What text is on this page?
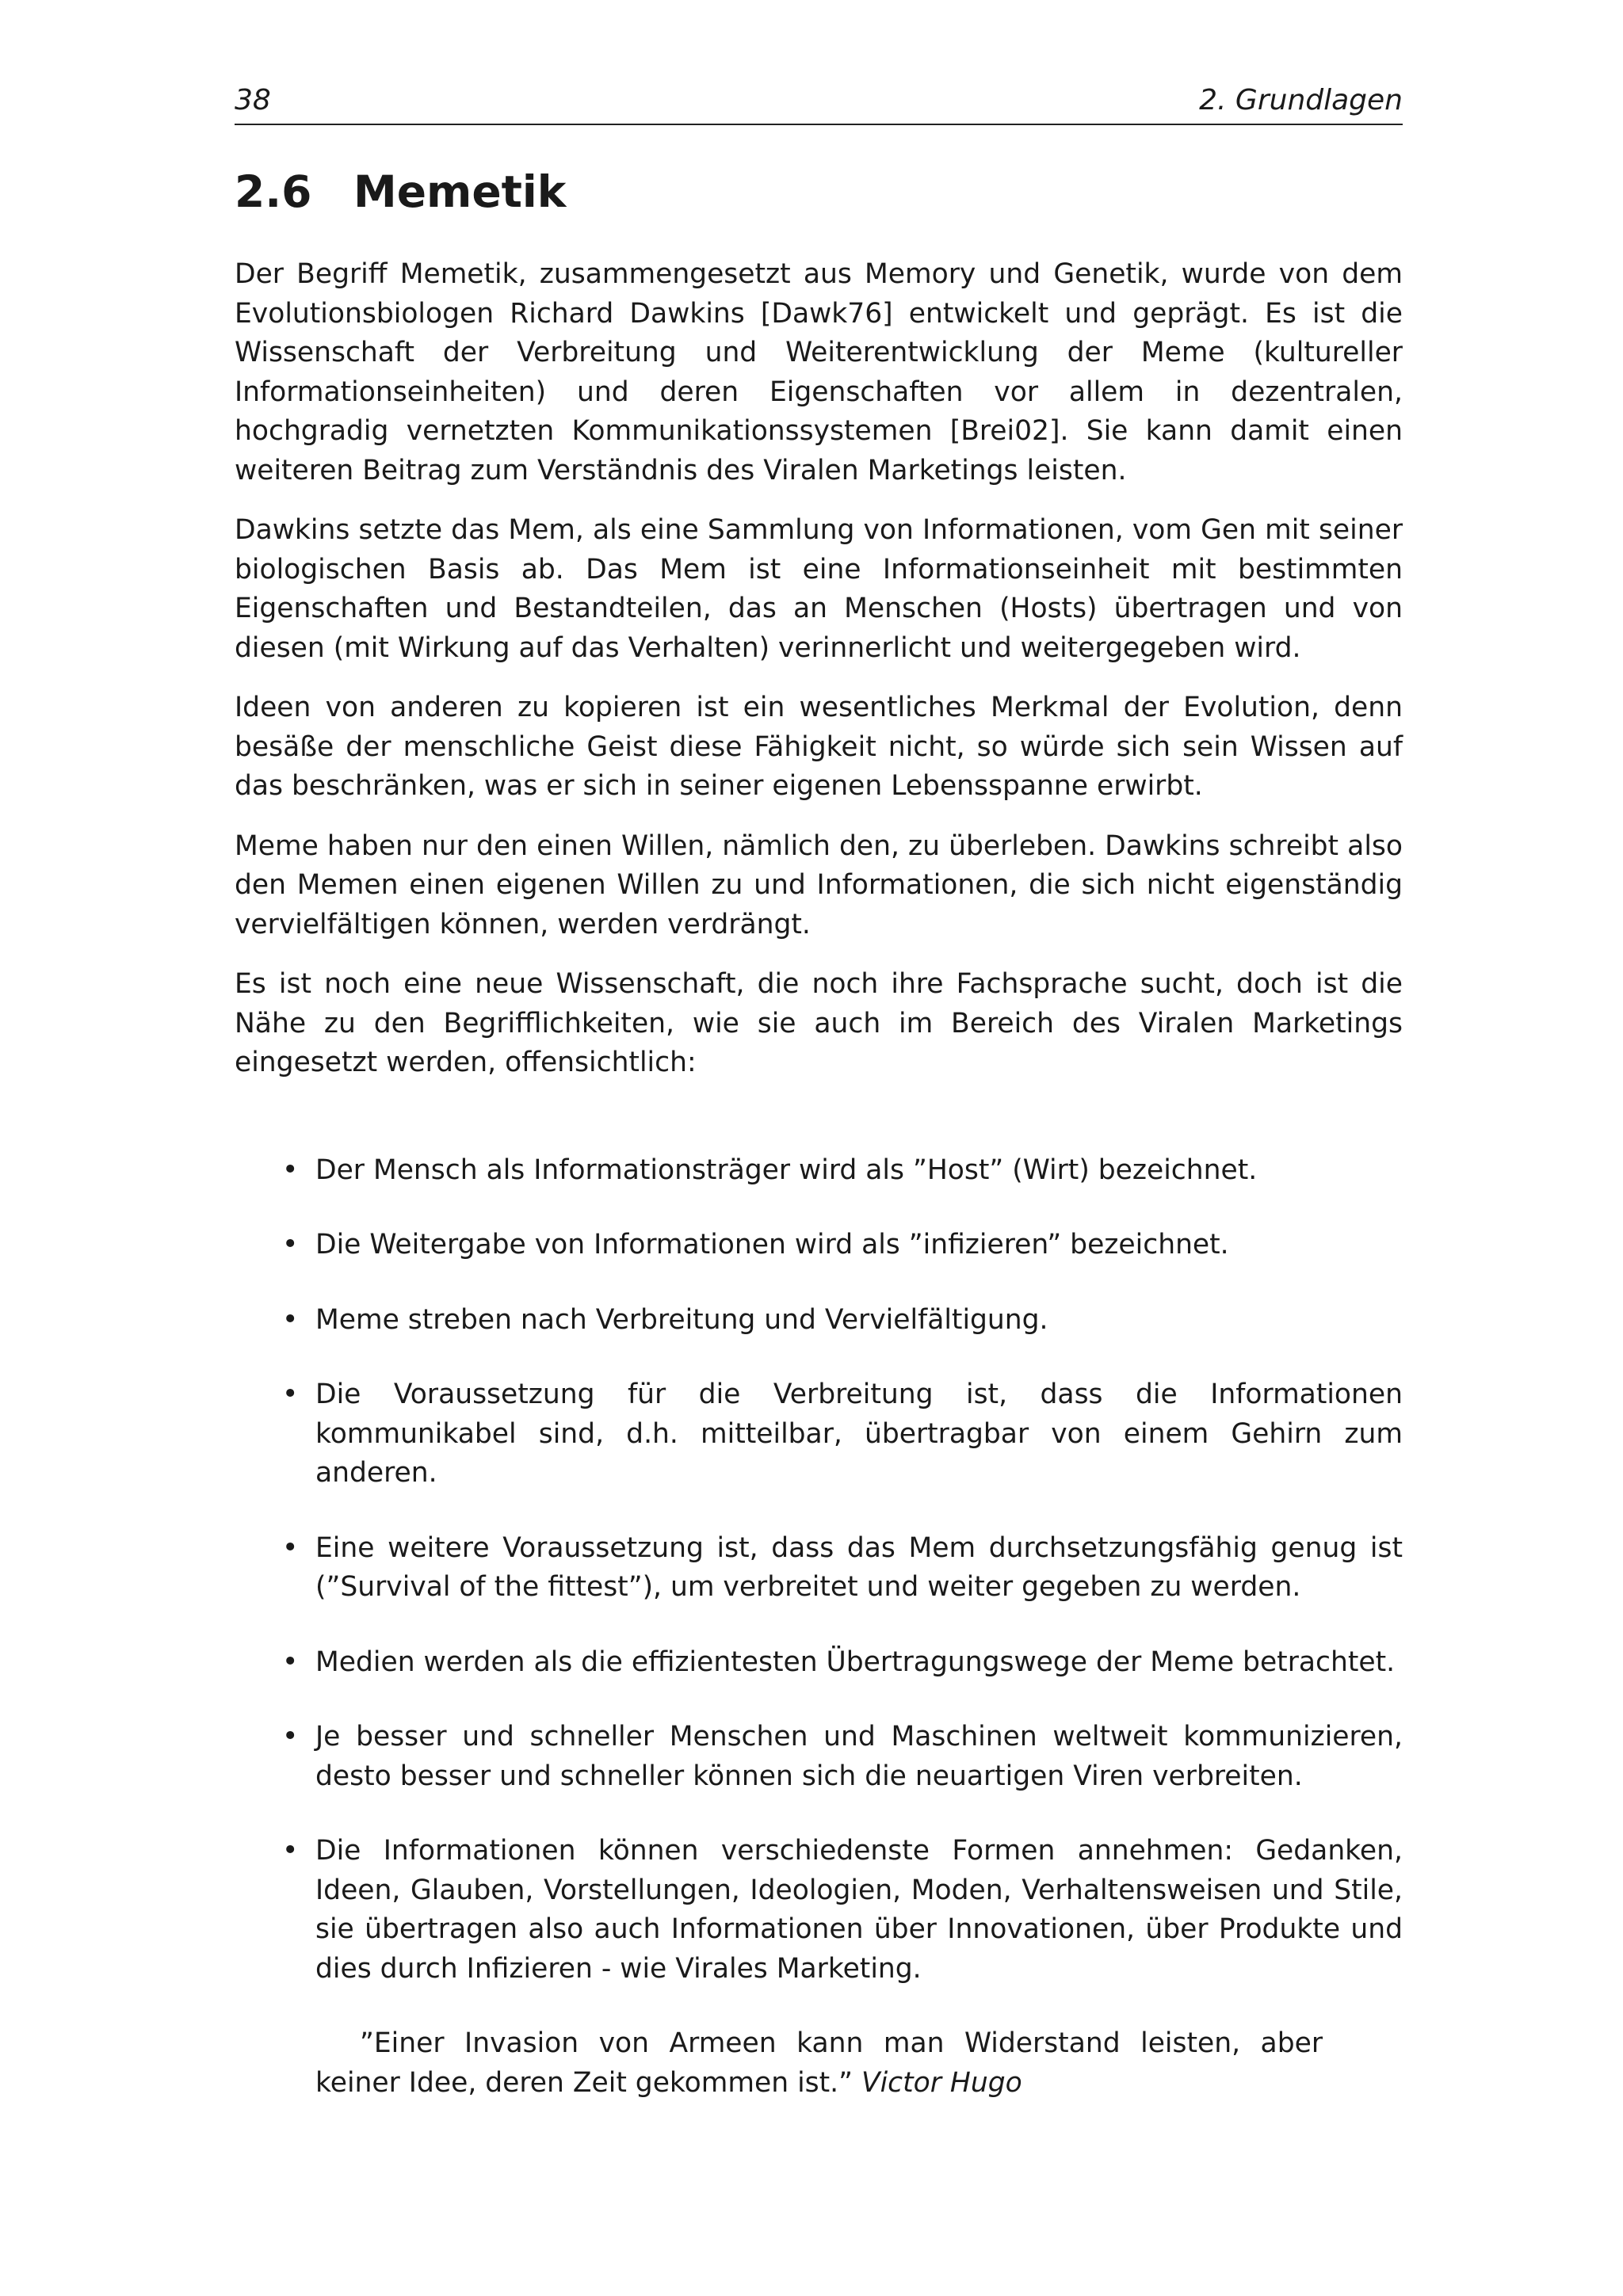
38	2. Grundlagen
2.6 Memetik

Der Begriff Memetik, zusammengesetzt aus Memory und Genetik, wurde von dem Evolutionsbiologen Richard Dawkins [Dawk76] entwickelt und geprägt. Es ist die Wissenschaft der Verbreitung und Weiterentwicklung der Meme (kultureller Informationseinheiten) und deren Eigenschaften vor allem in dezentralen, hochgradig vernetzten Kommunikationssystemen [Brei02]. Sie kann damit einen weiteren Beitrag zum Verständnis des Viralen Marketings leisten.

Dawkins setzte das Mem, als eine Sammlung von Informationen, vom Gen mit seiner biologischen Basis ab. Das Mem ist eine Informationseinheit mit bestimmten Eigenschaften und Bestandteilen, das an Menschen (Hosts) übertragen und von diesen (mit Wirkung auf das Verhalten) verinnerlicht und weitergegeben wird.

Ideen von anderen zu kopieren ist ein wesentliches Merkmal der Evolution, denn besäße der menschliche Geist diese Fähigkeit nicht, so würde sich sein Wissen auf das beschränken, was er sich in seiner eigenen Lebensspanne erwirbt.

Meme haben nur den einen Willen, nämlich den, zu überleben. Dawkins schreibt also den Memen einen eigenen Willen zu und Informationen, die sich nicht eigenständig vervielfältigen können, werden verdrängt.

Es ist noch eine neue Wissenschaft, die noch ihre Fachsprache sucht, doch ist die Nähe zu den Begrifflichkeiten, wie sie auch im Bereich des Viralen Marketings eingesetzt werden, offensichtlich:

• Der Mensch als Informationsträger wird als ”Host” (Wirt) bezeichnet.
• Die Weitergabe von Informationen wird als ”infizieren” bezeichnet.
• Meme streben nach Verbreitung und Vervielfältigung.
• Die Voraussetzung für die Verbreitung ist, dass die Informationen kommunikabel sind, d.h. mitteilbar, übertragbar von einem Gehirn zum anderen.
• Eine weitere Voraussetzung ist, dass das Mem durchsetzungsfähig genug ist (”Survival of the fittest”), um verbreitet und weiter gegeben zu werden.
• Medien werden als die effizientesten Übertragungswege der Meme betrachtet.
• Je besser und schneller Menschen und Maschinen weltweit kommunizieren, desto besser und schneller können sich die neuartigen Viren verbreiten.
• Die Informationen können verschiedenste Formen annehmen: Gedanken, Ideen, Glauben, Vorstellungen, Ideologien, Moden, Verhaltensweisen und Stile, sie übertragen also auch Informationen über Innovationen, über Produkte und dies durch Infizieren - wie Virales Marketing.

”Einer Invasion von Armeen kann man Widerstand leisten, aber keiner Idee, deren Zeit gekommen ist.” Victor Hugo
